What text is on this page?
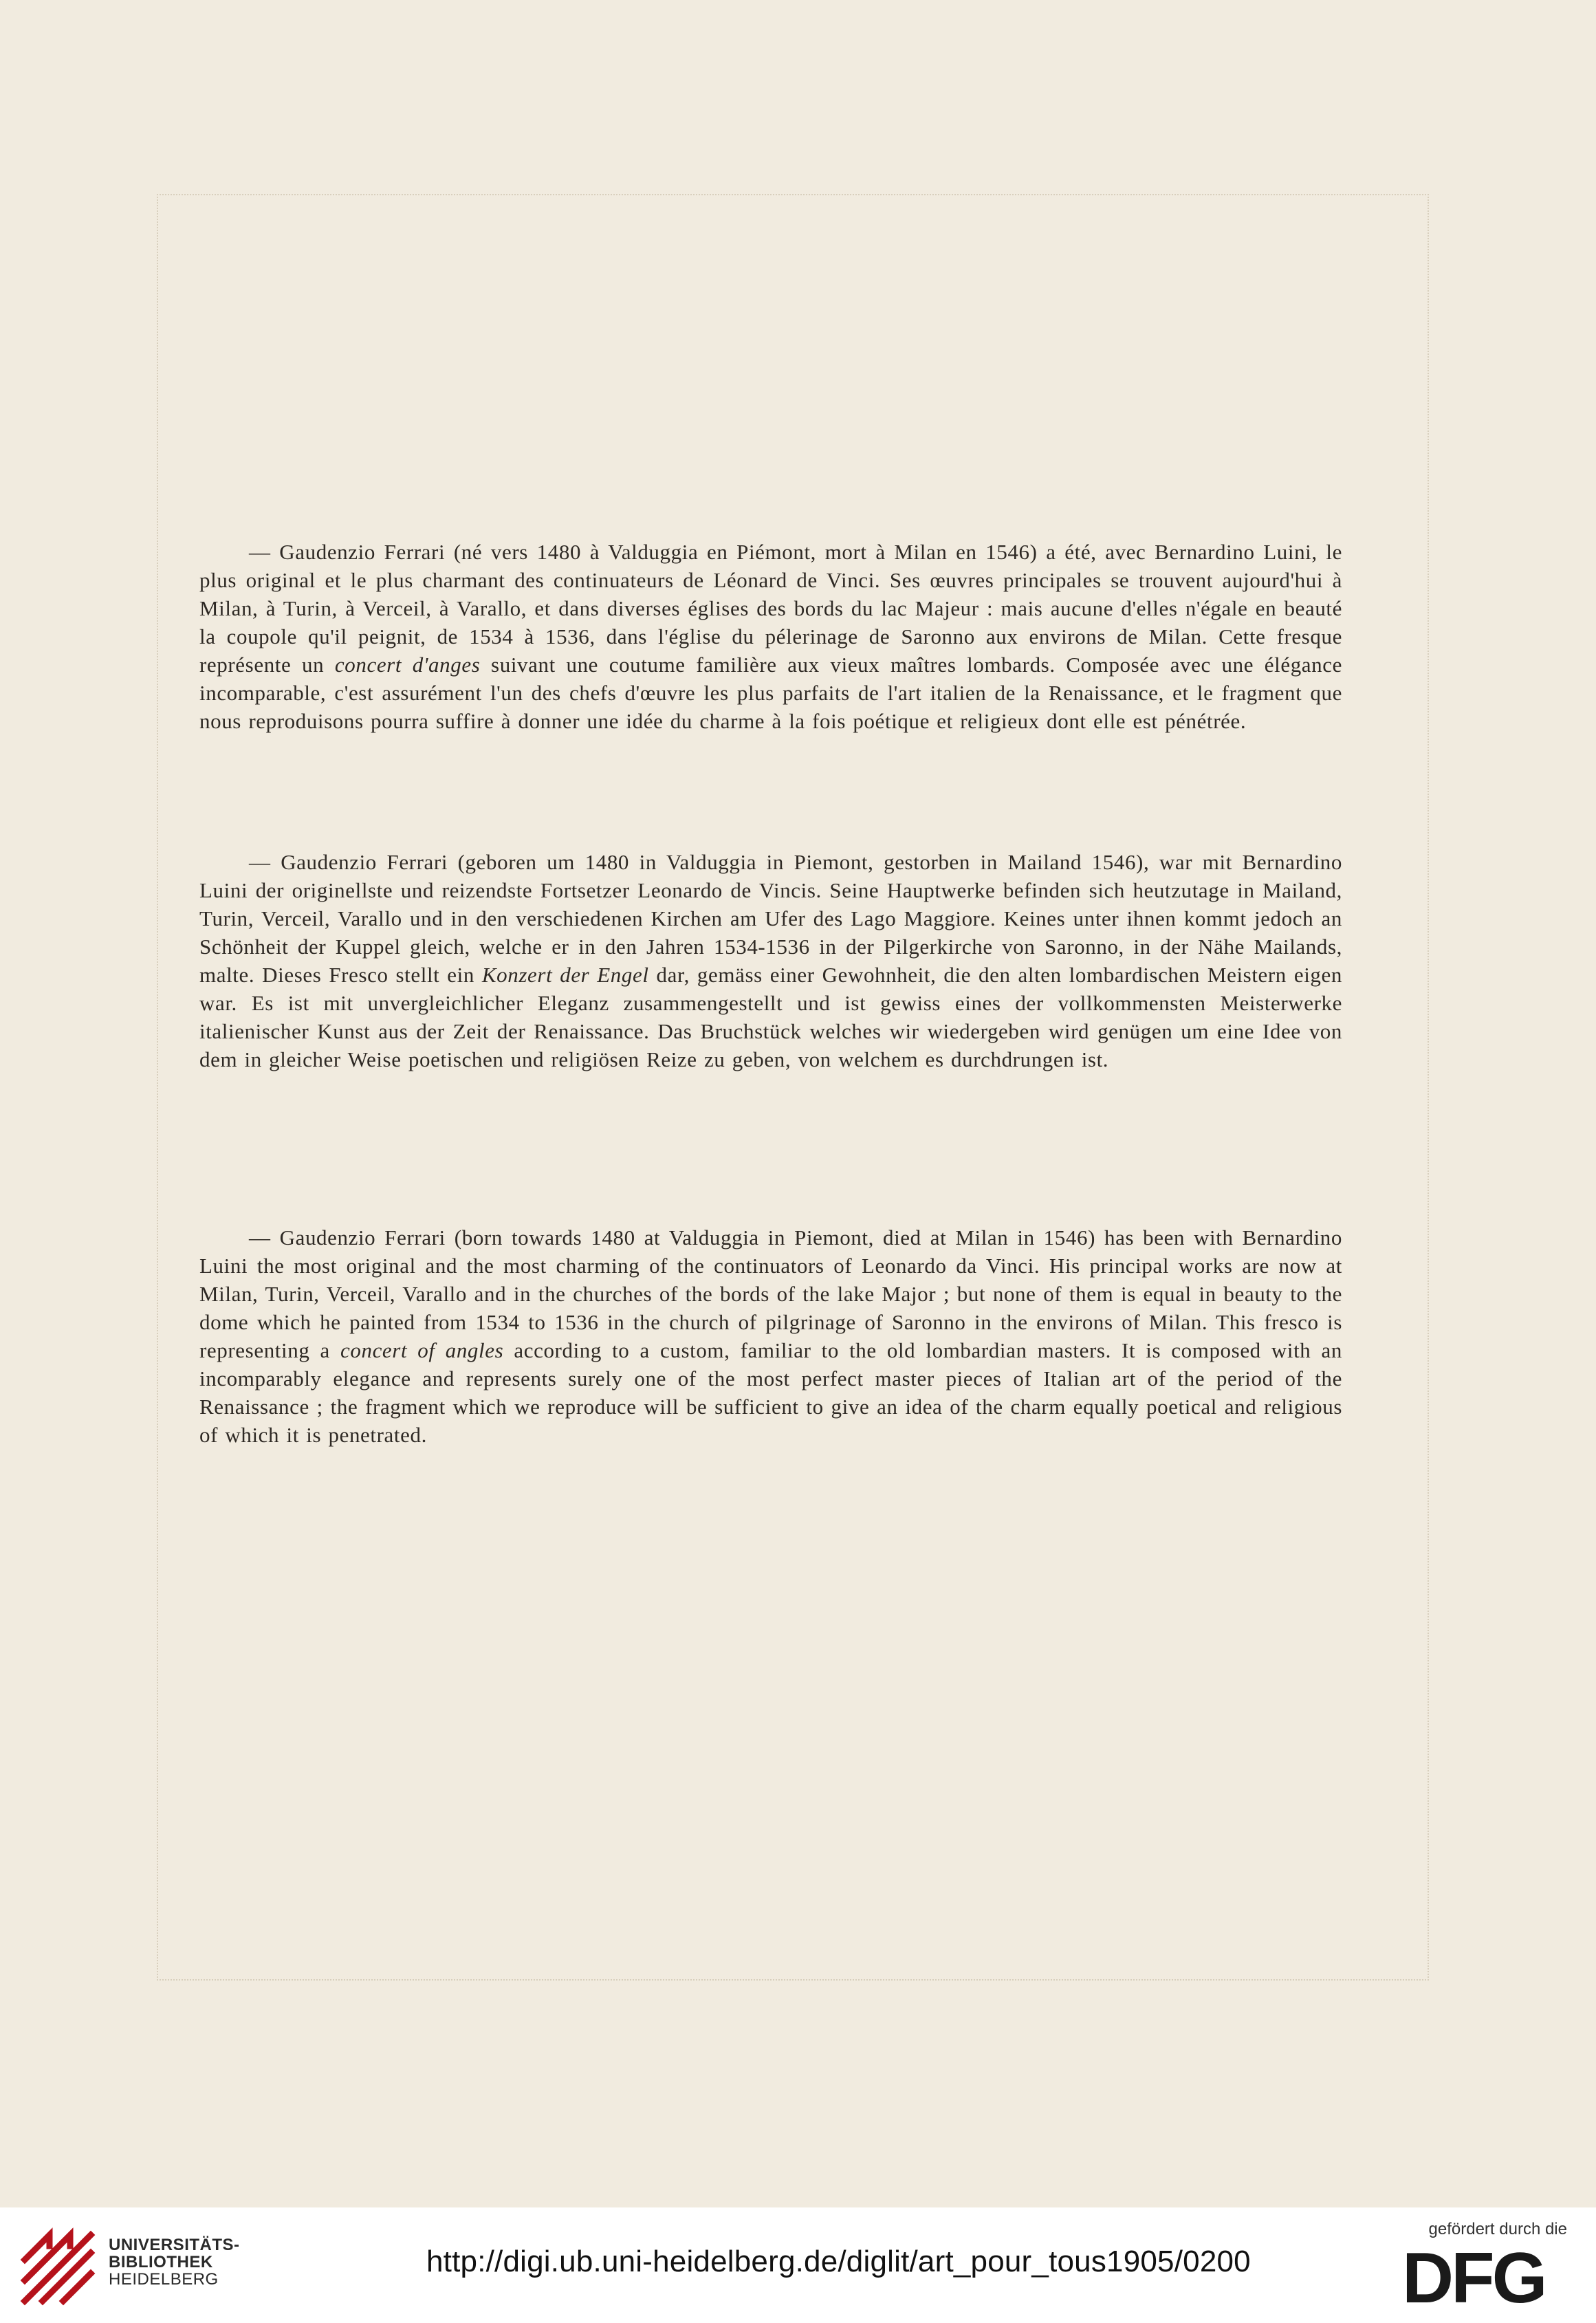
— Gaudenzio Ferrari (né vers 1480 à Valduggia en Piémont, mort à Milan en 1546) a été, avec Bernardino Luini, le plus original et le plus charmant des continuateurs de Léonard de Vinci. Ses œuvres principales se trouvent aujourd'hui à Milan, à Turin, à Verceil, à Varallo, et dans diverses églises des bords du lac Majeur : mais aucune d'elles n'égale en beauté la coupole qu'il peignit, de 1534 à 1536, dans l'église du pélerinage de Saronno aux environs de Milan. Cette fresque représente un concert d'anges suivant une coutume familière aux vieux maîtres lombards. Composée avec une élégance incomparable, c'est assurément l'un des chefs d'œuvre les plus parfaits de l'art italien de la Renaissance, et le fragment que nous reproduisons pourra suffire à donner une idée du charme à la fois poétique et religieux dont elle est pénétrée.

— Gaudenzio Ferrari (geboren um 1480 in Valduggia in Piemont, gestorben in Mailand 1546), war mit Bernardino Luini der originellste und reizendste Fortsetzer Leonardo de Vincis. Seine Hauptwerke befinden sich heutzutage in Mailand, Turin, Verceil, Varallo und in den verschiedenen Kirchen am Ufer des Lago Maggiore. Keines unter ihnen kommt jedoch an Schönheit der Kuppel gleich, welche er in den Jahren 1534-1536 in der Pilgerkirche von Saronno, in der Nähe Mailands, malte. Dieses Fresco stellt ein Konzert der Engel dar, gemäss einer Gewohnheit, die den alten lombardischen Meistern eigen war. Es ist mit unvergleichlicher Eleganz zusammengestellt und ist gewiss eines der vollkommensten Meisterwerke italienischer Kunst aus der Zeit der Renaissance. Das Bruchstück welches wir wiedergeben wird genügen um eine Idee von dem in gleicher Weise poetischen und religiösen Reize zu geben, von welchem es durchdrungen ist.

— Gaudenzio Ferrari (born towards 1480 at Valduggia in Piemont, died at Milan in 1546) has been with Bernardino Luini the most original and the most charming of the continuators of Leonardo da Vinci. His principal works are now at Milan, Turin, Verceil, Varallo and in the churches of the bords of the lake Major ; but none of them is equal in beauty to the dome which he painted from 1534 to 1536 in the church of pilgrinage of Saronno in the environs of Milan. This fresco is representing a concert of angles according to a custom, familiar to the old lombardian masters. It is composed with an incomparably elegance and represents surely one of the most perfect master pieces of Italian art of the period of the Renaissance ; the fragment which we reproduce will be sufficient to give an idea of the charm equally poetical and religious of which it is penetrated.

UNIVERSITÄTS-
BIBLIOTHEK
HEIDELBERG
http://digi.ub.uni-heidelberg.de/diglit/art_pour_tous1905/0200
gefördert durch die
DFG
